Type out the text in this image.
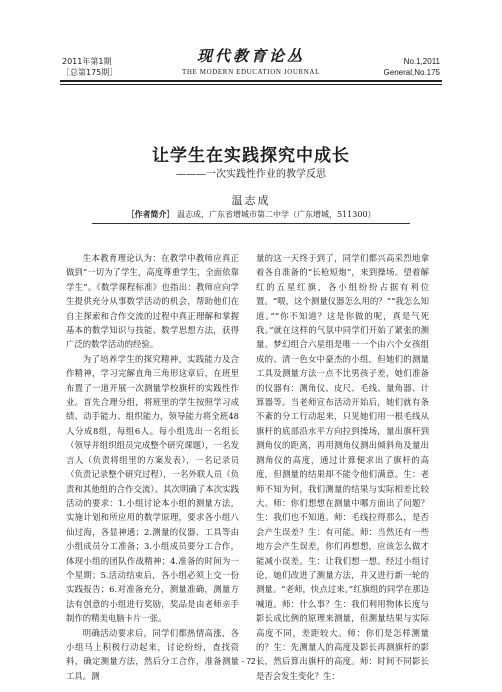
2011年第1期
［总第175期］
现代教育论丛
THE MODERN EDUCATION JOURNAL
No.1,2011
General,No.175
让学生在实践探究中成长
———一次实践性作业的教学反思
温志成
［作者简介］ 温志成，广东省增城市第二中学（广东增城，511300）

生本教育理论认为：在教学中教师应真正做到“一切为了学生，高度尊重学生，全面依靠学生”。《数学课程标准》也指出：教师应向学生提供充分从事数学活动的机会，帮助他们在自主探索和合作交流的过程中真正理解和掌握基本的数学知识与技能、数学思想方法，获得广泛的数学活动的经验。

为了培养学生的探究精神，实践能力及合作精神，学习完解直角三角形这章后，在班里布置了一道开展一次测量学校旗杆的实践性作业。首先合理分组，将班里的学生按照学习成绩、动手能力、组织能力，领导能力将全班48人分成8组，每组6人。每小组选出一名组长（领导并组织组员完成整个研究课题），一名发言人（负责将组里的方案发表），一名记录员（负责记录整个研究过程），一名外联人员（负责和其他组的合作交流）。其次明确了本次实践活动的要求：1.小组讨论本小组的测量方法，实施计划和所应用的数学原理，要求各小组八仙过海，各显神通；2.测量的仪器、工具等由小组成员分工准备；3.小组成员要分工合作，体现小组的团队作战精神；4.准备的时间为一个星期；5.活动结束后，各小组必须上交一份实践报告；6.对准备充分，测量准确，测量方法有创意的小组进行奖励，奖品是由老师亲手制作的精美电脑卡片一张。

明确活动要求后，同学们都热情高涨，各小组马上积极行动起来，讨论纷纷，查找资料，确定测量方法，然后分工合作，准备测量工具。测

量的这一天终于到了，同学们都兴高采烈地拿着各自准备的“长枪短炮”，来到操场。望着解红的五星红旗，各小组纷纷占据有利位置。“喂，这个测量仪器怎么用的？”“我怎么知道。”“你不知道？这是你做的呢，真是气死我。”就在这样的气氛中同学们开始了紧张的测量。梦幻组合六星组是唯一一个由六个女孩组成的、清一色女中豪杰的小组，但她们的测量工具及测量方法一点不比男孩子差，她们准备的仪器有：测角仪、皮尺、毛线、量角器、计算器等。当老师宣布活动开始后，她们就有条不紊的分工行动起来，只见她们用一根毛线从旗杆的底部沿水平方向拉到操场，量出旗杆到测角仪的距离，再用测角仪测出倾斜角及量出测角仪的高度，通过计算便求出了旗杆的高度，但测量的结果却不能令他们满意。生：老师不知为何，我们测量的结果与实际相差比较大。师：你们想想在测量中哪方面出了问题？生：我们也不知道。师：毛线拉得那么，是否会产生误差？生：有可能。师：当然还有一些地方会产生误差，你们再想想，应该怎么做才能减小误差。生：让我们想一想。经过小组讨论，她们改进了测量方法，并又进行新一轮的测量。“老师，快点过来。”红旗组的同学在那边喊道。师：什么事？生：我们利用物体长度与影长成比例的原理来测量，但测量结果与实际高度不同，差距较大。师：你们是怎样测量的？生：先测量人的高度及影长再测旗杆的影长，然后算出旗杆的高度。师：时间不同影长是否会发生变化？生：

- 72 -
